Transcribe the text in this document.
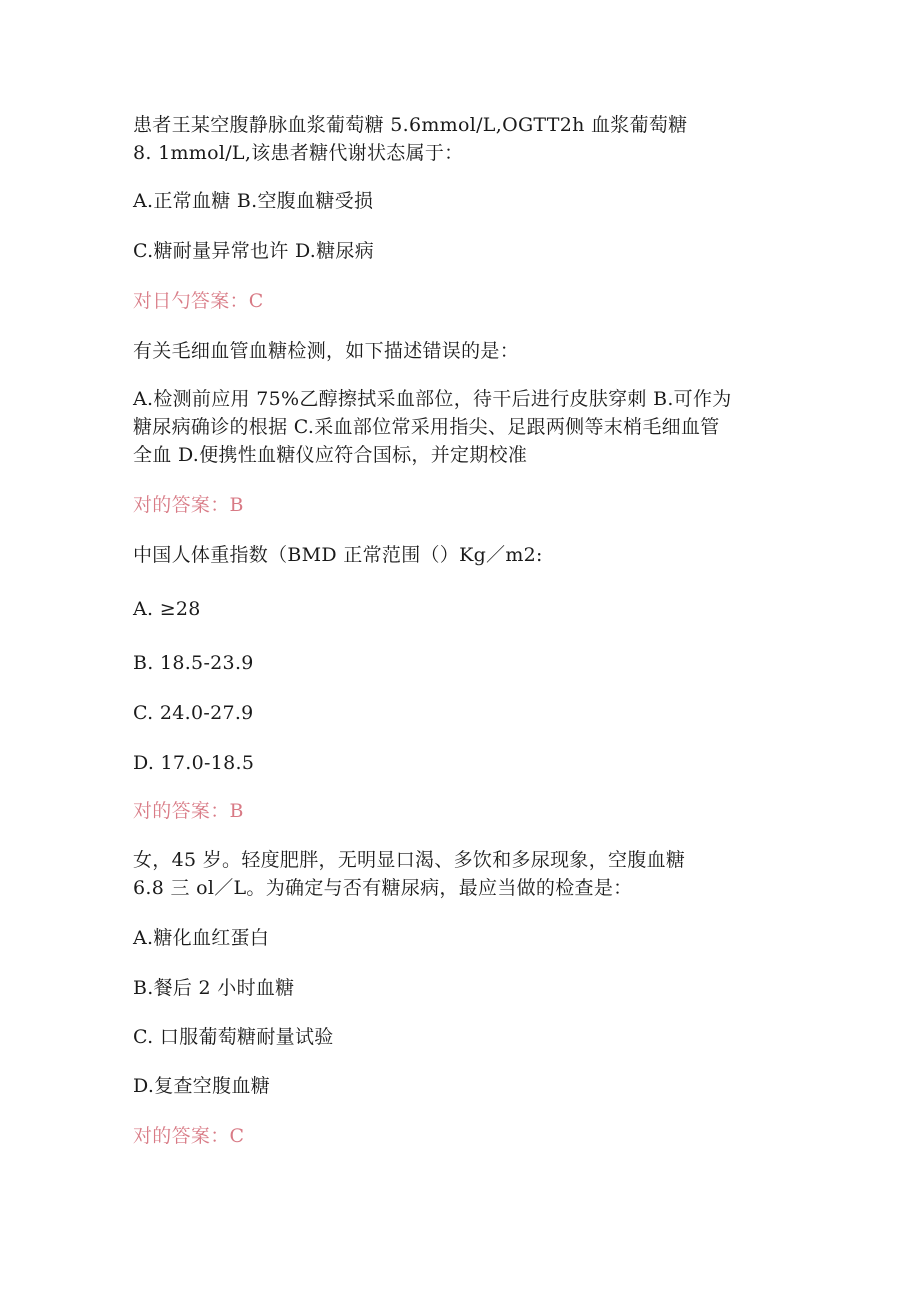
患者王某空腹静脉血浆葡萄糖 5.6mmol/L,OGTT2h 血浆葡萄糖
8. 1mmol/L,该患者糖代谢状态属于：
A.正常血糖 B.空腹血糖受损
C.糖耐量异常也许 D.糖尿病
对日勺答案：C
有关毛细血管血糖检测，如下描述错误的是：
A.检测前应用 75%乙醇擦拭采血部位，待干后进行皮肤穿刺 B.可作为
糖尿病确诊的根据 C.采血部位常采用指尖、足跟两侧等末梢毛细血管
全血 D.便携性血糖仪应符合国标，并定期校准
对的答案：B
中国人体重指数（BMD 正常范围（）Kg／m2:
A. ≥28
B. 18.5-23.9
C. 24.0-27.9
D. 17.0-18.5
对的答案：B
女，45 岁。轻度肥胖，无明显口渴、多饮和多尿现象，空腹血糖
6.8 三 ol／L。为确定与否有糖尿病，最应当做的检查是：
A.糖化血红蛋白
B.餐后 2 小时血糖
C. 口服葡萄糖耐量试验
D.复查空腹血糖
对的答案：C
